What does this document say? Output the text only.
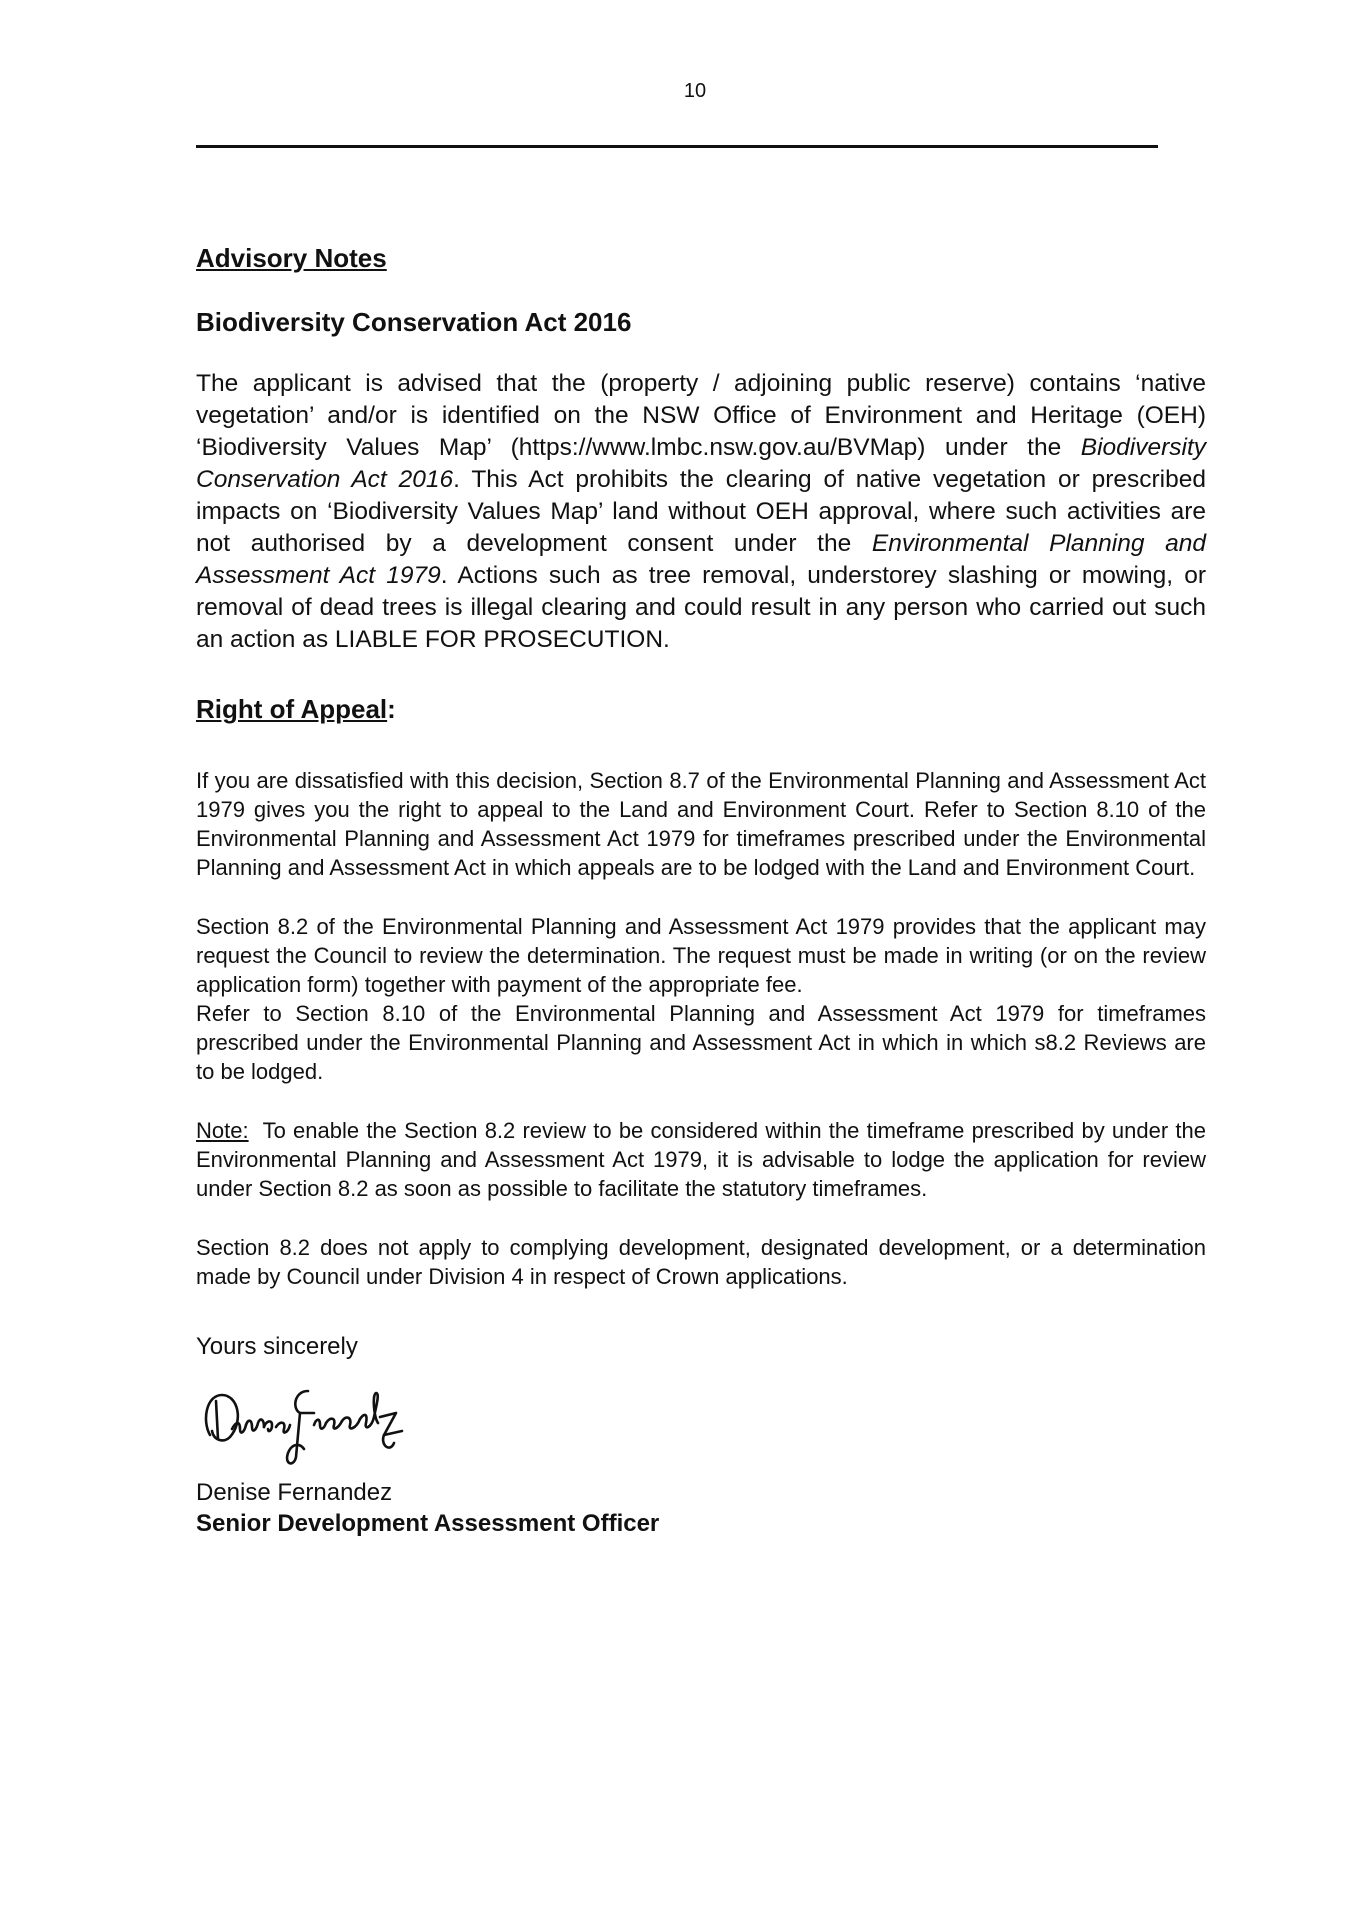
10
Advisory Notes
Biodiversity Conservation Act 2016

The applicant is advised that the (property / adjoining public reserve) contains ‘native vegetation’ and/or is identified on the NSW Office of Environment and Heritage (OEH) ‘Biodiversity Values Map’ (https://www.lmbc.nsw.gov.au/BVMap) under the Biodiversity Conservation Act 2016. This Act prohibits the clearing of native vegetation or prescribed impacts on ‘Biodiversity Values Map’ land without OEH approval, where such activities are not authorised by a development consent under the Environmental Planning and Assessment Act 1979. Actions such as tree removal, understorey slashing or mowing, or removal of dead trees is illegal clearing and could result in any person who carried out such an action as LIABLE FOR PROSECUTION.

Right of Appeal:

If you are dissatisfied with this decision, Section 8.7 of the Environmental Planning and Assessment Act 1979 gives you the right to appeal to the Land and Environment Court. Refer to Section 8.10 of the Environmental Planning and Assessment Act 1979 for timeframes prescribed under the Environmental Planning and Assessment Act in which appeals are to be lodged with the Land and Environment Court.

Section 8.2 of the Environmental Planning and Assessment Act 1979 provides that the applicant may request the Council to review the determination. The request must be made in writing (or on the review application form) together with payment of the appropriate fee.

Refer to Section 8.10 of the Environmental Planning and Assessment Act 1979 for timeframes prescribed under the Environmental Planning and Assessment Act in which in which s8.2 Reviews are to be lodged.

Note:  To enable the Section 8.2 review to be considered within the timeframe prescribed by under the Environmental Planning and Assessment Act 1979, it is advisable to lodge the application for review under Section 8.2 as soon as possible to facilitate the statutory timeframes.

Section 8.2 does not apply to complying development, designated development, or a determination made by Council under Division 4 in respect of Crown applications.

Yours sincerely

Denise Fernandez

Senior Development Assessment Officer
